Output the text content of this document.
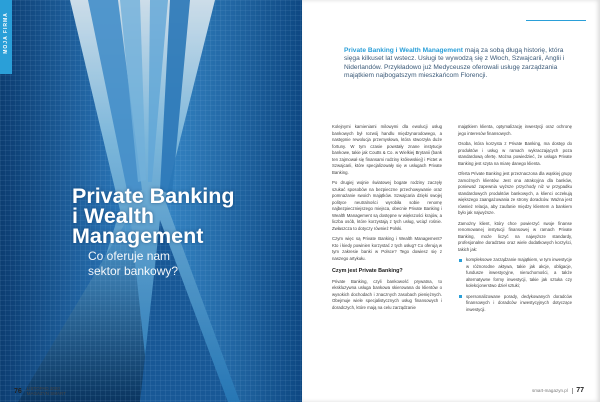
MOJA FIRMA
Private Banking
i Wealth
Management
Co oferuje nam
sektor bankowy?
76 LISTOPAD 2020
MAGAZYN SMART
Private Banking i Wealth Management mają za sobą długą historię, która sięga kilkuset lat wstecz. Usługi te wywodzą się z Włoch, Szwajcarii, Anglii i Niderlandów. Przykładowo już Medyceusze oferowali usługę zarządzania majątkiem najbogatszym mieszkańcom Florencji.

Kolejnymi kamieniami milowymi dla ewolucji usług bankowych był rozwój handlu międzynarodowego, a następnie rewolucja przemysłowa, która stworzyła duże fortuny. W tym czasie powstały znane instytucje bankowe, takie jak Coutts & Co. w Wielkiej Brytanii (bank ten zajmował się finansami rodziny królewskiej) i Pictet w Szwajcarii, które specjalizowały się w usługach Private Banking.

Po drugiej wojnie światowej bogate rodziny zaczęły szukać sposobów na bezpieczne przechowywanie oraz pomnażanie swoich majątków. Szwajcaria dzięki swojej polityce neutralności wyrobiła sobie renomę najbezpieczniejszego miejsca, obecnie Private Banking i Wealth Management są dostępne w większości krajów, a liczba osób, które korzystają z tych usług, wciąż rośnie. Zwłaszcza to dotyczy również Polski.

Czym więc są Private Banking i Wealth Management? Kto i kiedy powinien korzystać z tych usług? Co oferują w tym zakresie banki w Polsce? Tego dowiesz się z naszego artykułu.

Czym jest Private Banking?

Private Banking, czyli bankowość prywatna, to ekskluzywna usługa bankowa skierowana do klientów o wysokich dochodach i znacznych zasobach pieniężnych. Obejmuje wiele specjalistycznych usług finansowych i doradczych, które mają na celu zarządzanie

majątkiem klienta, optymalizację inwestycji oraz ochronę jego interesów finansowych.

Osoba, która korzysta z Private Banking, ma dostęp do produktów i usług w ramach wykraczających poza standardową ofertę. Można powiedzieć, że usługa Private Banking jest szyta na miarę danego klienta.

Oferta Private Banking jest przeznaczona dla wąskiej grupy zamożnych klientów. Jest ona atrakcyjna dla banków, ponieważ zapewnia wyższe przychody niż w przypadku standardowych produktów bankowych, a klienci oczekują większego zaangażowania ze strony doradców. Ważna jest również relacja, aby zaufanie między klientem a bankiem było jak najwyższe.

Zamożny klient, który chce powierzyć swoje finanse renomowanej instytucji finansowej w ramach Private Banking, może liczyć na najwyższe standardy, profesjonalne doradztwo oraz wiele dodatkowych korzyści, takich jak:

kompleksowe zarządzanie majątkiem, w tym inwestycje w różnorodne aktywa, takie jak akcje, obligacje, fundusze inwestycyjne, nieruchomości, a także alternatywne formy inwestycji, takie jak sztuka czy kolekcjonerstwo dzieł sztuki;
spersonalizowane porady, dedykowanych doradców finansowych i doradców inwestycyjnych dotyczące inwestycji.
smart-magazyn.pl 77
